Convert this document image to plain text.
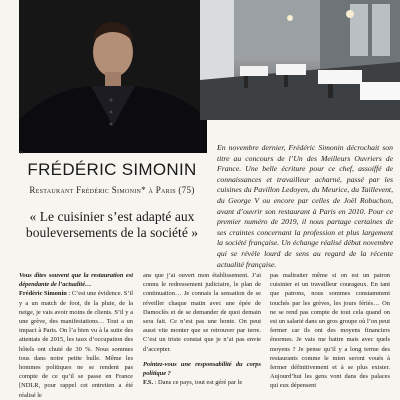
n
FRÉDÉRIC SIMONIN
Restaurant Frédéric Simonin* à Paris (75)
« Le cuisinier s’est adapté aux bouleversements de la société »
En novembre dernier, Frédéric Simonin décrochait son titre au concours de l’Un des Meilleurs Ouvriers de France. Une belle écriture pour ce chef, assoiffé de connaissances et travailleur acharné, passé par les cuisines du Pavillon Ledoyen, du Meurice, du Taillevent, du George V ou encore par celles de Joël Robuchon, avant d’ouvrir son restaurant à Paris en 2010. Pour ce premier numéro de 2019, il nous partage certaines de ses craintes concernant la profession et plus largement la société française. Un échange réalisé début novembre qui se révèle lourd de sens au regard de la récente actualité française.

Vous dites souvent que la restauration est dépendante de l’actualité…

Frédéric Simonin : C’est une évidence. S’il y a un match de foot, de la pluie, de la neige, je vais avoir moins de clients. S’il y a une grève, des manifestations… Tout a un impact à Paris. On l’a bien vu à la suite des attentats de 2015, les taux d’occupation des hôtels ont chuté de 30 %. Nous sommes tous dans notre petite bulle. Même les hommes politiques ne se rendent pas compte de ce qu’il se passe en France [NDLR, pour rappel cet entretien a été réalisé le

ans que j’ai ouvert mon établissement. J’ai connu le redressement judiciaire, le plan de continuation… Je connais la sensation de se réveiller chaque matin avec une épée de Damoclès et de se demander de quoi demain sera fait. Ce n’est pas une honte. On peut aussi vite monter que se retrouver par terre. C’est un triste constat que je n’ai pas envie d’accepter.

Pointez-vous une responsabilité du corps politique ?

F.S. : Dans ce pays, tout est géré par le

pas maltraiter même si on est un patron cuisinier et un travailleur courageux. En tant que patrons, nous sommes constamment touchés par les grèves, les jours fériés… On ne se rend pas compte de tout cela quand on est un salarié dans un gros groupe où l’on peut fermer car ils ont des moyens financiers énormes. Je vais me battre mais avec quels moyens ? Je pense qu’il y a long terme des restaurants comme le mien seront voués à fermer définitivement et à se plus exister. Aujourd’hui les gens vont dans des palaces qui eux dépensent
